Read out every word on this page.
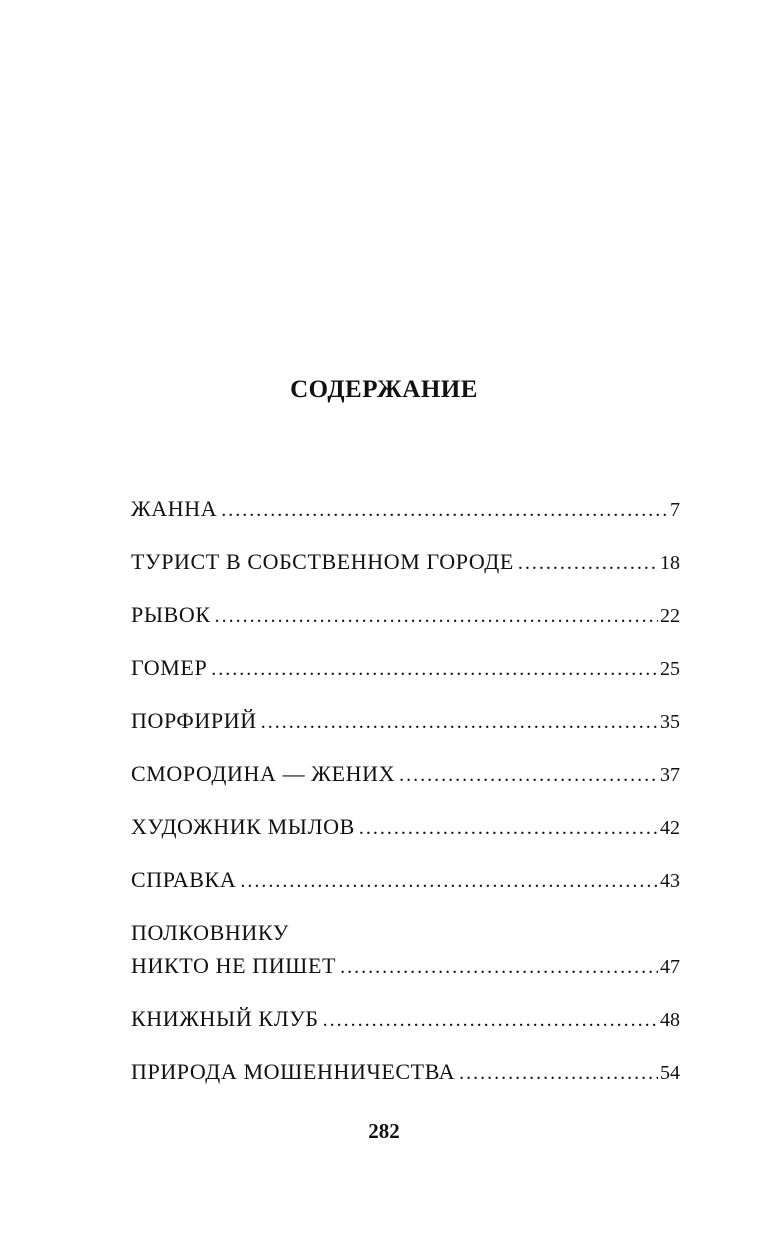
СОДЕРЖАНИЕ
ЖАННА . . .	7
ТУРИСТ В СОБСТВЕННОМ ГОРОДЕ . . .	18
РЫВОК . . .	22
ГОМЕР . . .	25
ПОРФИРИЙ . . .	35
СМОРОДИНА — ЖЕНИХ . . .	37
ХУДОЖНИК МЫЛОВ . . .	42
СПРАВКА . . .	43
ПОЛКОВНИКУ
НИКТО НЕ ПИШЕТ . . .	47
КНИЖНЫЙ КЛУБ . . .	48
ПРИРОДА МОШЕННИЧЕСТВА . . .	54
282
